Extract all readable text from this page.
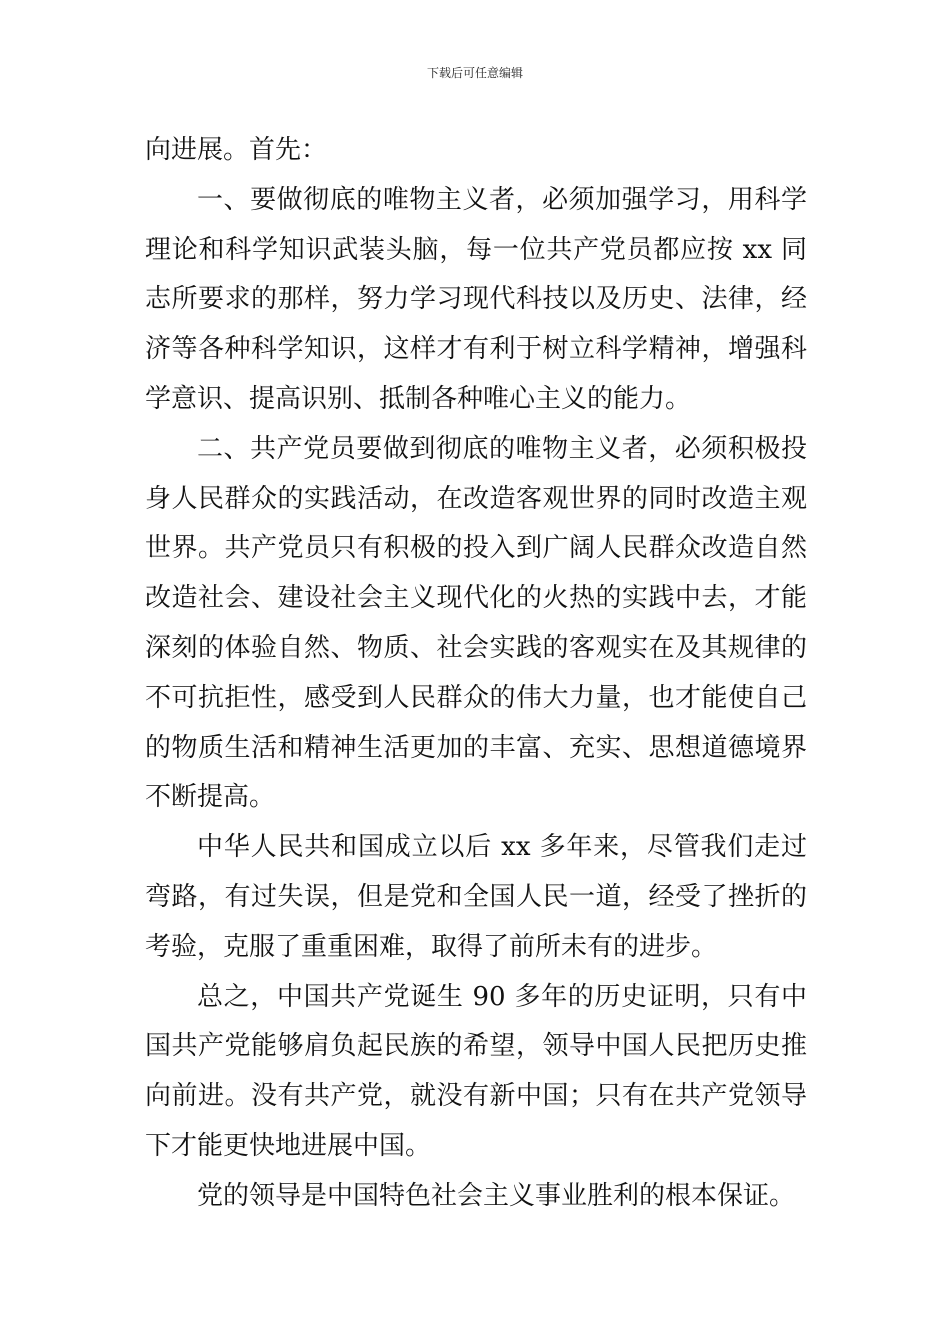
下载后可任意编辑

向进展。首先：

一、要做彻底的唯物主义者，必须加强学习，用科学理论和科学知识武装头脑，每一位共产党员都应按 xx 同志所要求的那样，努力学习现代科技以及历史、法律，经济等各种科学知识，这样才有利于树立科学精神，增强科学意识、提高识别、抵制各种唯心主义的能力。

二、共产党员要做到彻底的唯物主义者，必须积极投身人民群众的实践活动，在改造客观世界的同时改造主观世界。共产党员只有积极的投入到广阔人民群众改造自然改造社会、建设社会主义现代化的火热的实践中去，才能深刻的体验自然、物质、社会实践的客观实在及其规律的不可抗拒性，感受到人民群众的伟大力量，也才能使自己的物质生活和精神生活更加的丰富、充实、思想道德境界不断提高。

中华人民共和国成立以后 xx 多年来，尽管我们走过弯路，有过失误，但是党和全国人民一道，经受了挫折的考验，克服了重重困难，取得了前所未有的进步。

总之，中国共产党诞生 90 多年的历史证明，只有中国共产党能够肩负起民族的希望，领导中国人民把历史推向前进。没有共产党，就没有新中国；只有在共产党领导下才能更快地进展中国。

党的领导是中国特色社会主义事业胜利的根本保证。
